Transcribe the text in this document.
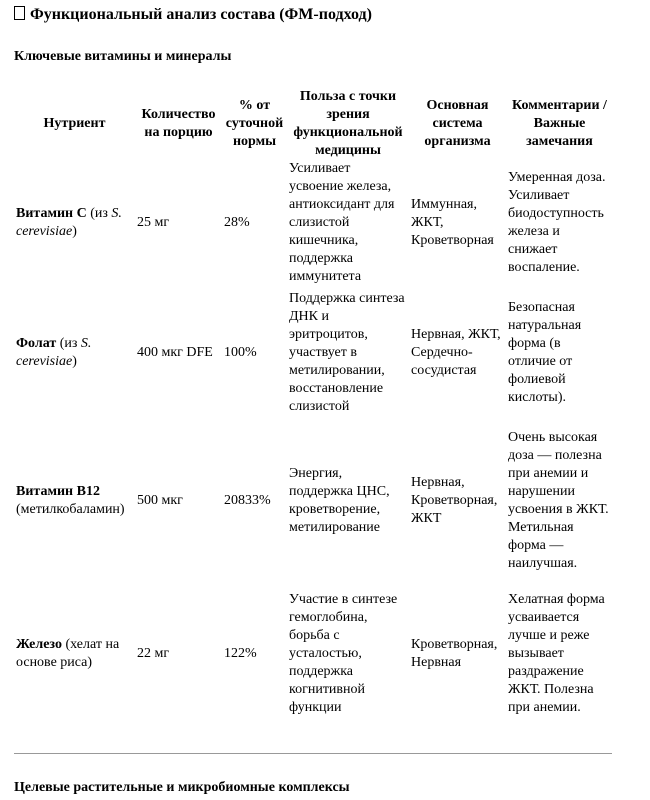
Функциональный анализ состава (ФМ-подход)
Ключевые витамины и минералы
Нутриент	Количество на порцию	% от суточной нормы	Польза с точки зрения функциональной медицины	Основная система организма	Комментарии / Важные замечания
Витамин C (из S. cerevisiae)	25 мг	28%	Усиливает усвоение железа, антиоксидант для слизистой кишечника, поддержка иммунитета	Иммунная, ЖКТ, Кроветворная	Умеренная доза. Усиливает биодоступность железа и снижает воспаление.
Фолат (из S. cerevisiae)	400 мкг DFE	100%	Поддержка синтеза ДНК и эритроцитов, участвует в метилировании, восстановление слизистой	Нервная, ЖКТ, Сердечно-сосудистая	Безопасная натуральная форма (в отличие от фолиевой кислоты).
Витамин B12 (метилкобаламин)	500 мкг	20833%	Энергия, поддержка ЦНС, кроветворение, метилирование	Нервная, Кроветворная, ЖКТ	Очень высокая доза — полезна при анемии и нарушении усвоения в ЖКТ. Метильная форма — наилучшая.
Железо (хелат на основе риса)	22 мг	122%	Участие в синтезе гемоглобина, борьба с усталостью, поддержка когнитивной функции	Кроветворная, Нервная	Хелатная форма усваивается лучше и реже вызывает раздражение ЖКТ. Полезна при анемии.
Целевые растительные и микробиомные комплексы
